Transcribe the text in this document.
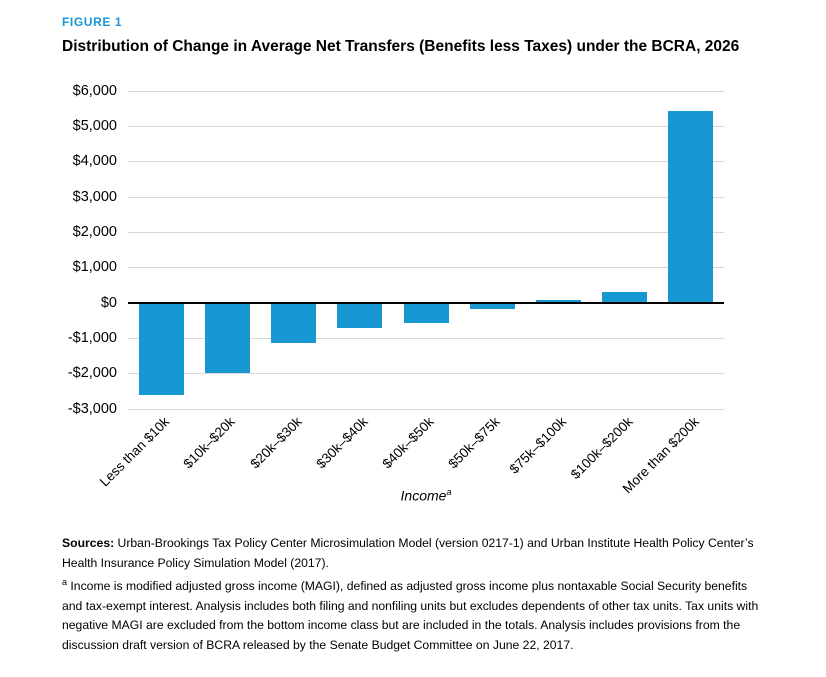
FIGURE 1
Distribution of Change in Average Net Transfers (Benefits less Taxes) under the BCRA, 2026
$6,000
$5,000
$4,000
$3,000
$2,000
$1,000
$0
-$1,000
-$2,000
-$3,000
Less than $10k $10k–$20k $20k–$30k $30k–$40k $40k–$50k $50k–$75k $75k–$100k
$100k–$200k
More than $200k
Income$^a$

Sources: Urban-Brookings Tax Policy Center Microsimulation Model (version 0217-1) and Urban Institute Health Policy Center’s Health Insurance Policy Simulation Model (2017).

$^a$ Income is modified adjusted gross income (MAGI), defined as adjusted gross income plus nontaxable Social Security benefits and tax-exempt interest. Analysis includes both filing and nonfiling units but excludes dependents of other tax units. Tax units with negative MAGI are excluded from the bottom income class but are included in the totals. Analysis includes provisions from the discussion draft version of BCRA released by the Senate Budget Committee on June 22, 2017.
